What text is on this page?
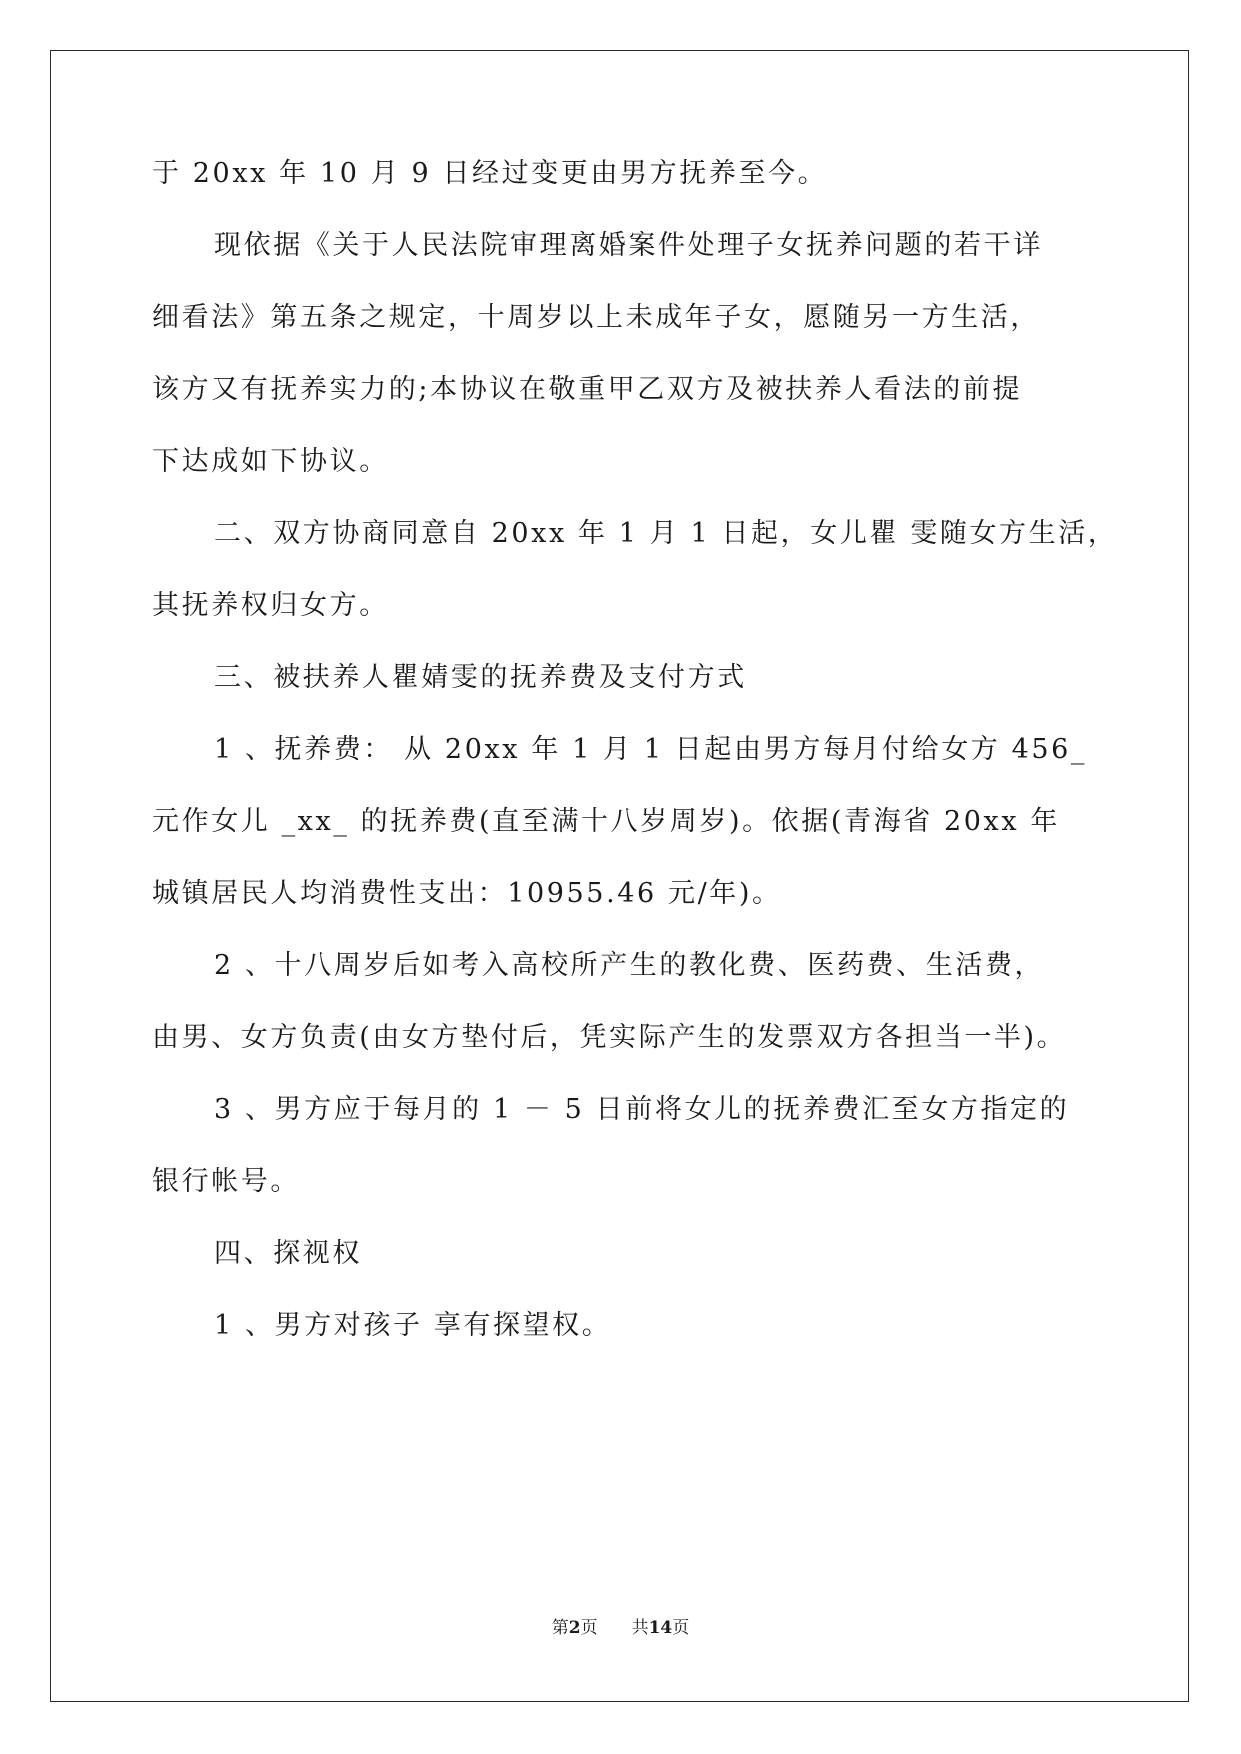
于 20xx 年 10 月 9 日经过变更由男方抚养至今。
现依据《关于人民法院审理离婚案件处理子女抚养问题的若干详
细看法》第五条之规定，十周岁以上未成年子女，愿随另一方生活，
该方又有抚养实力的;本协议在敬重甲乙双方及被扶养人看法的前提
下达成如下协议。
二、双方协商同意自 20xx 年 1 月 1 日起，女儿瞿 雯随女方生活，
其抚养权归女方。
三、被扶养人瞿婧雯的抚养费及支付方式
1 、抚养费： 从 20xx 年 1 月 1 日起由男方每月付给女方 456_
元作女儿 _xx_ 的抚养费(直至满十八岁周岁)。依据(青海省 20xx 年
城镇居民人均消费性支出：10955.46 元/年)。
2 、十八周岁后如考入高校所产生的教化费、医药费、生活费，
由男、女方负责(由女方垫付后，凭实际产生的发票双方各担当一半)。
3 、男方应于每月的 1 － 5 日前将女儿的抚养费汇至女方指定的
银行帐号。
四、探视权
1 、男方对孩子 享有探望权。
第2页　　 共14页
